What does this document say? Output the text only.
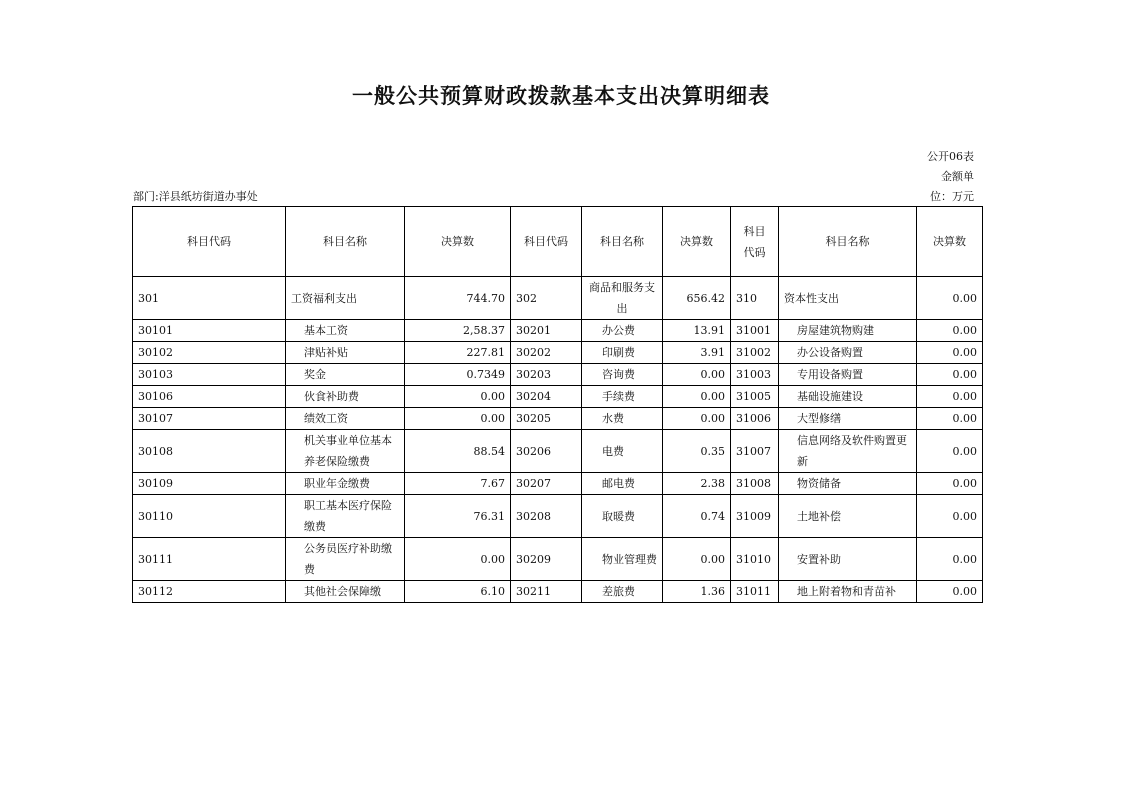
一般公共预算财政拨款基本支出决算明细表
公开06表
金额单
位：万元
部门:洋县纸坊街道办事处
科目代码	科目名称	决算数	科目代码	科目名称	决算数	科目代码	科目名称	决算数
301	工资福利支出	744.70	302	商品和服务支出	656.42	310	资本性支出	0.00
30101	基本工资	2,58.37	30201	办公费	13.91	31001	房屋建筑物购建	0.00
30102	津贴补贴	227.81	30202	印刷费	3.91	31002	办公设备购置	0.00
30103	奖金	0.7349	30203	咨询费	0.00	31003	专用设备购置	0.00
30106	伙食补助费	0.00	30204	手续费	0.00	31005	基础设施建设	0.00
30107	绩效工资	0.00	30205	水费	0.00	31006	大型修缮	0.00
30108	机关事业单位基本养老保险缴费	88.54	30206	电费	0.35	31007	信息网络及软件购置更新	0.00
30109	职业年金缴费	7.67	30207	邮电费	2.38	31008	物资储备	0.00
30110	职工基本医疗保险缴费	76.31	30208	取暖费	0.74	31009	土地补偿	0.00
30111	公务员医疗补助缴费	0.00	30209	物业管理费	0.00	31010	安置补助	0.00
30112	其他社会保障缴	6.10	30211	差旅费	1.36	31011	地上附着物和青苗补	0.00
